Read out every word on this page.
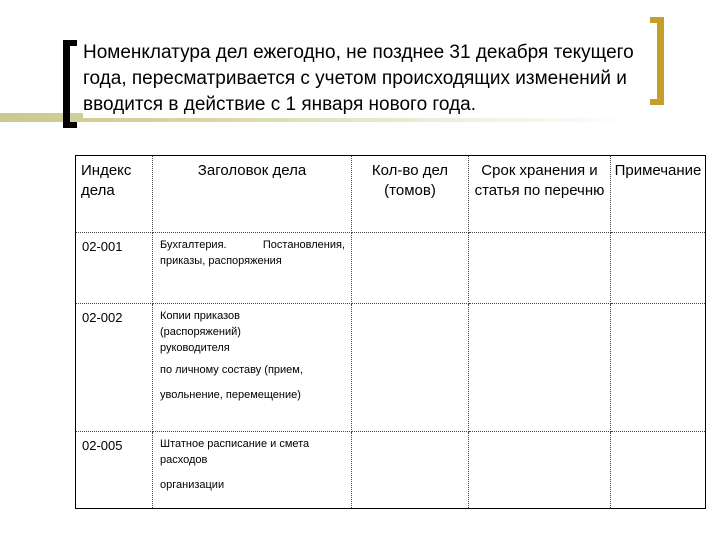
Номенклатура дел ежегодно, не позднее 31 декабря текущего года, пересматривается с учетом происходящих изменений и вводится в действие с 1 января нового года.
Индекс дела	Заголовок дела	Кол-во дел (томов)	Срок хранения и статья по перечню	Примечание

02-001	Бухгалтерия. Постановления, приказы, распоряжения			

02-002	Копии приказов (распоряжений) руководителя
по личному составу (прием,
увольнение, перемещение)			

02-005	Штатное расписание и смета расходов
организации			
